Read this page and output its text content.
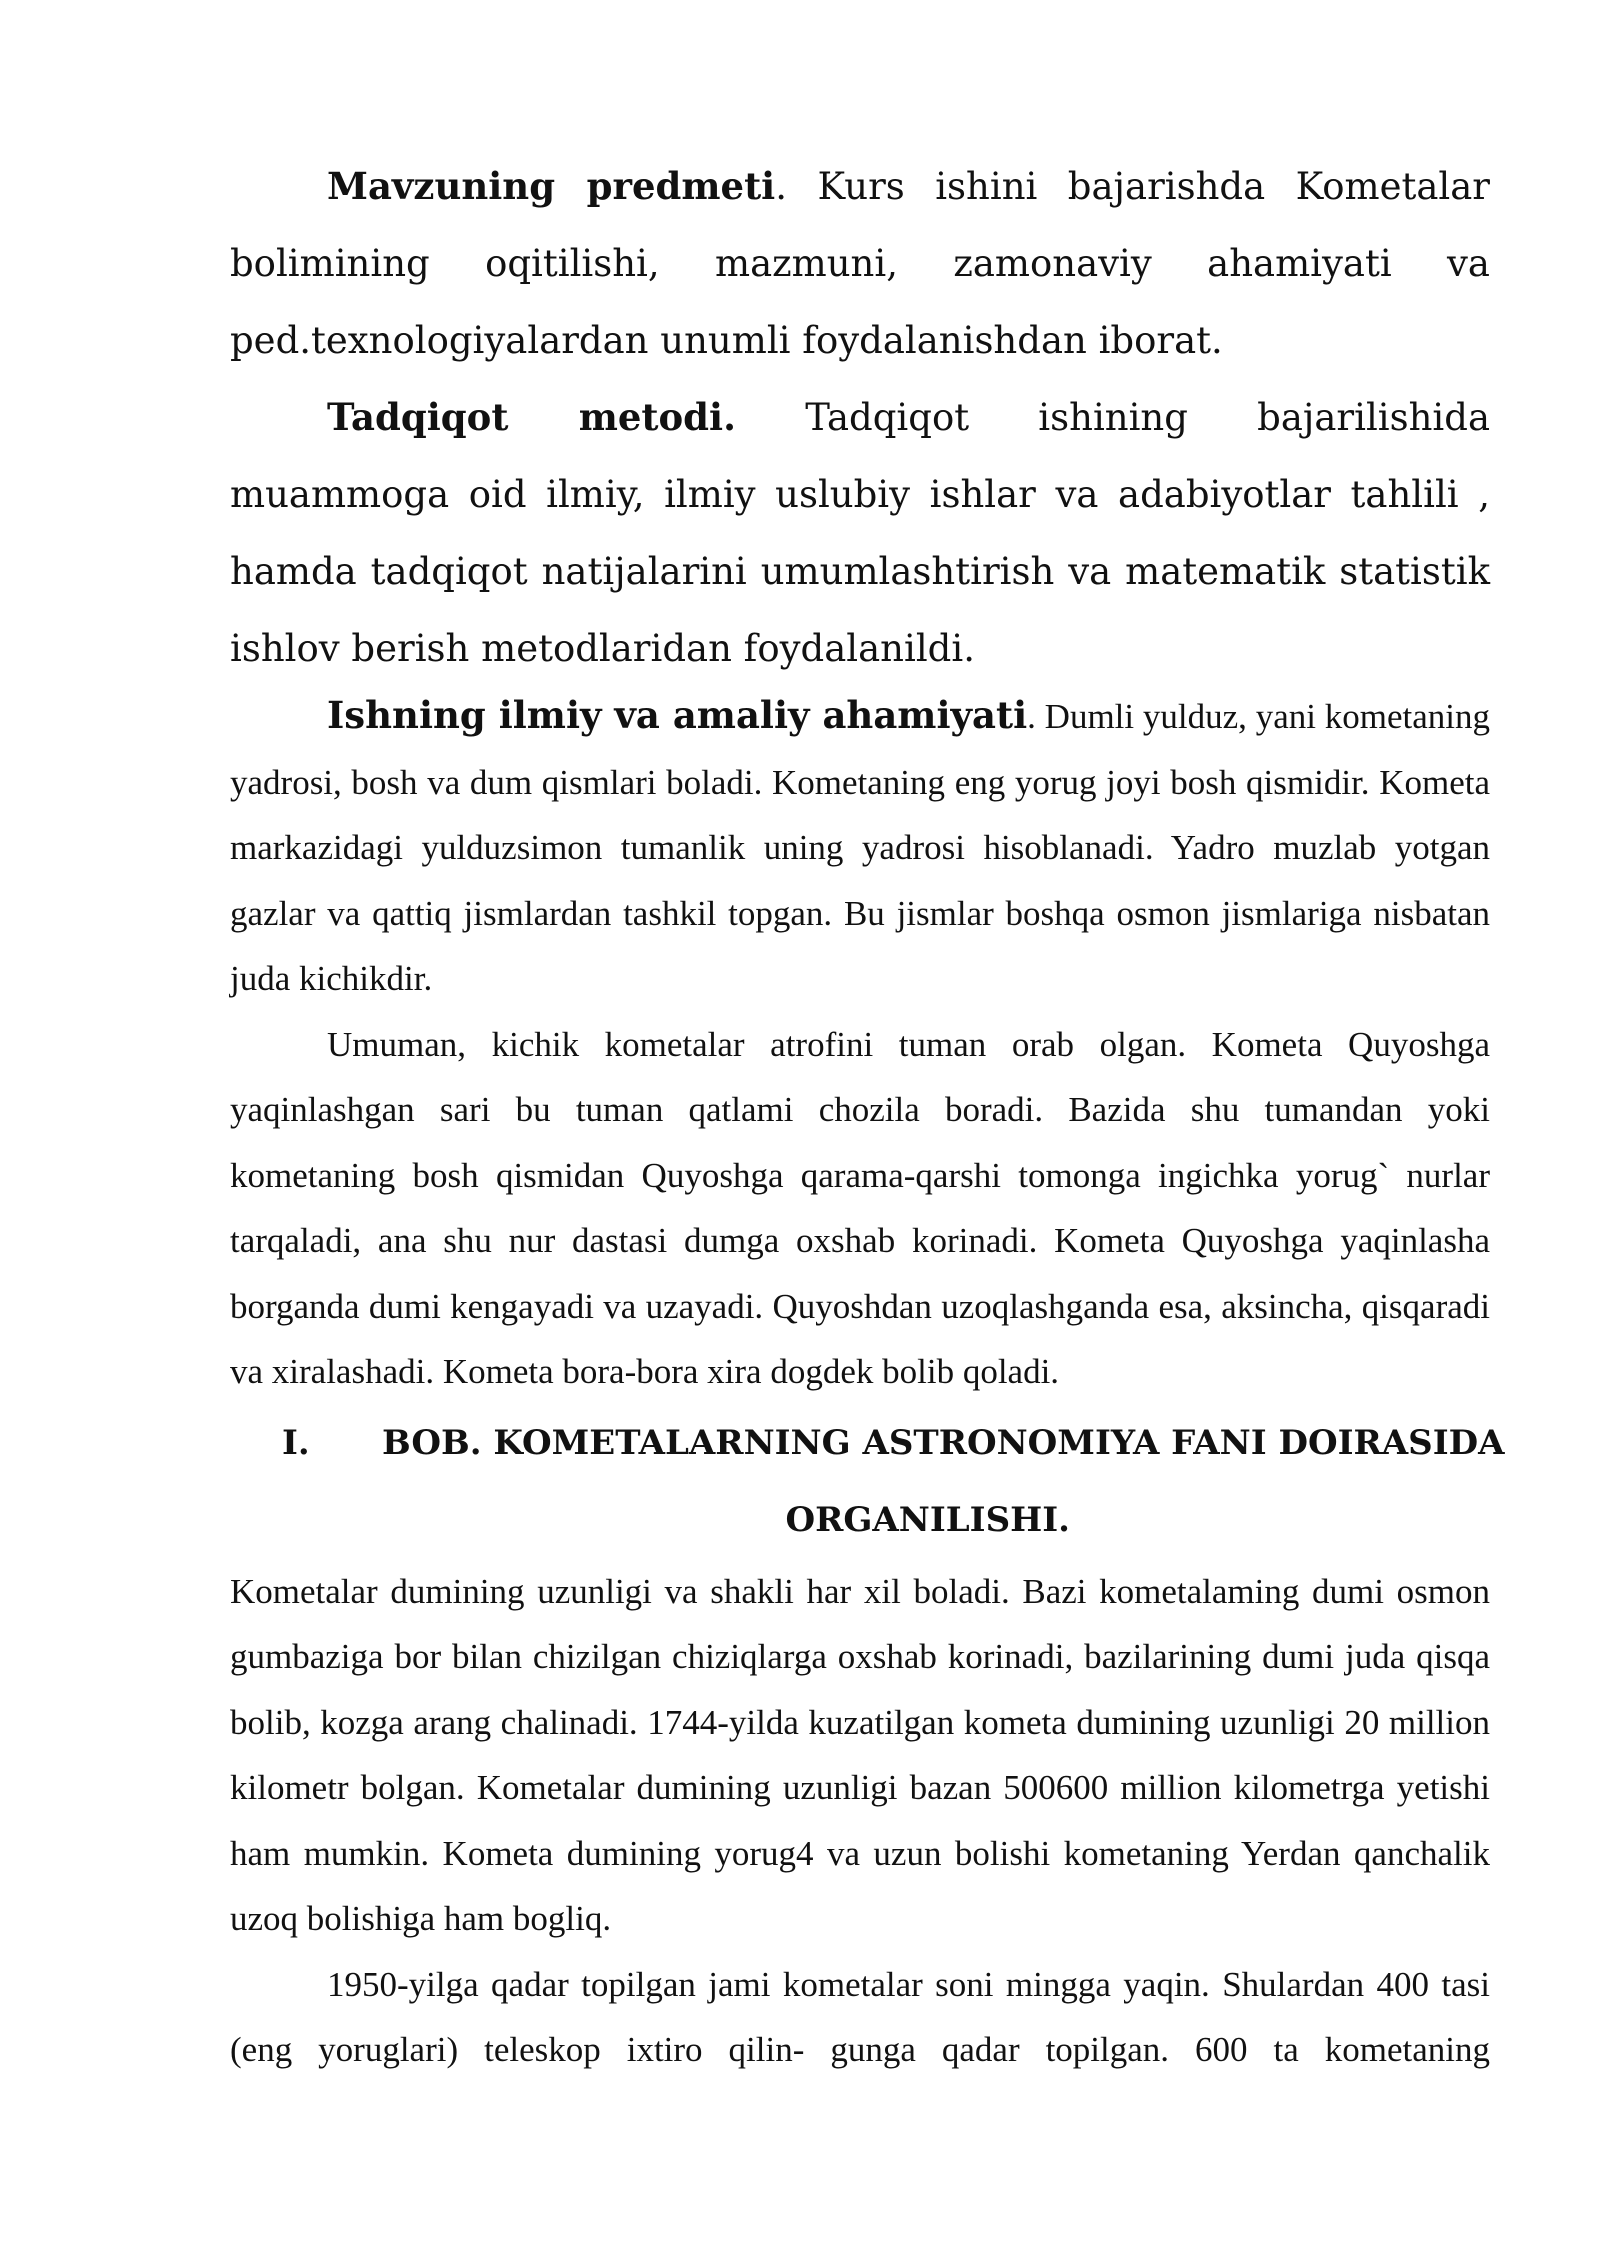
Mavzuning predmeti. Kurs ishini bajarishda Kometalar bolimining oqitilishi, mazmuni, zamonaviy ahamiyati va ped.texnologiyalardan unumli foydalanishdan iborat.

Tadqiqot metodi. Tadqiqot ishining bajarilishida muammoga oid ilmiy, ilmiy uslubiy ishlar va adabiyotlar tahlili , hamda tadqiqot natijalarini umumlashtirish va matematik statistik ishlov berish metodlaridan foydalanildi.

Ishning ilmiy va amaliy ahamiyati. Dumli yulduz, yani kometaning yadrosi, bosh va dum qismlari boladi. Kometaning eng yorug joyi bosh qismidir. Kometa markazidagi yulduzsimon tumanlik uning yadrosi hisoblanadi. Yadro muzlab yotgan gazlar va qattiq jismlardan tashkil topgan. Bu jismlar boshqa osmon jismlariga nisbatan juda kichikdir.

Umuman, kichik kometalar atrofini tuman orab olgan. Kometa Quyoshga yaqinlashgan sari bu tuman qatlami chozila boradi. Bazida shu tumandan yoki kometaning bosh qismidan Quyoshga qarama-qarshi tomonga ingichka yorug` nurlar tarqaladi, ana shu nur dastasi dumga oxshab korinadi. Kometa Quyoshga yaqinlasha borganda dumi kengayadi va uzayadi. Quyoshdan uzoqlashganda esa, aksincha, qisqaradi va xiralashadi. Kometa bora-bora xira dogdek bolib qoladi.

I.	BOB. KOMETALARNING ASTRONOMIYA FANI DOIRASIDA
ORGANILISHI.

Kometalar dumining uzunligi va shakli har xil boladi. Bazi kometalaming dumi osmon gumbaziga bor bilan chizilgan chiziqlarga oxshab korinadi, bazilarining dumi juda qisqa bolib, kozga arang chalinadi. 1744-yilda kuzatilgan kometa dumining uzunligi 20 million kilometr bolgan. Kometalar dumining uzunligi bazan 500600 million kilometrga yetishi ham mumkin. Kometa dumining yorug4 va uzun bolishi kometaning Yerdan qanchalik uzoq bolishiga ham bogliq.

1950-yilga qadar topilgan jami kometalar soni mingga yaqin. Shulardan 400 tasi (eng yoruglari) teleskop ixtiro qilin- gunga qadar topilgan. 600 ta kometaning
